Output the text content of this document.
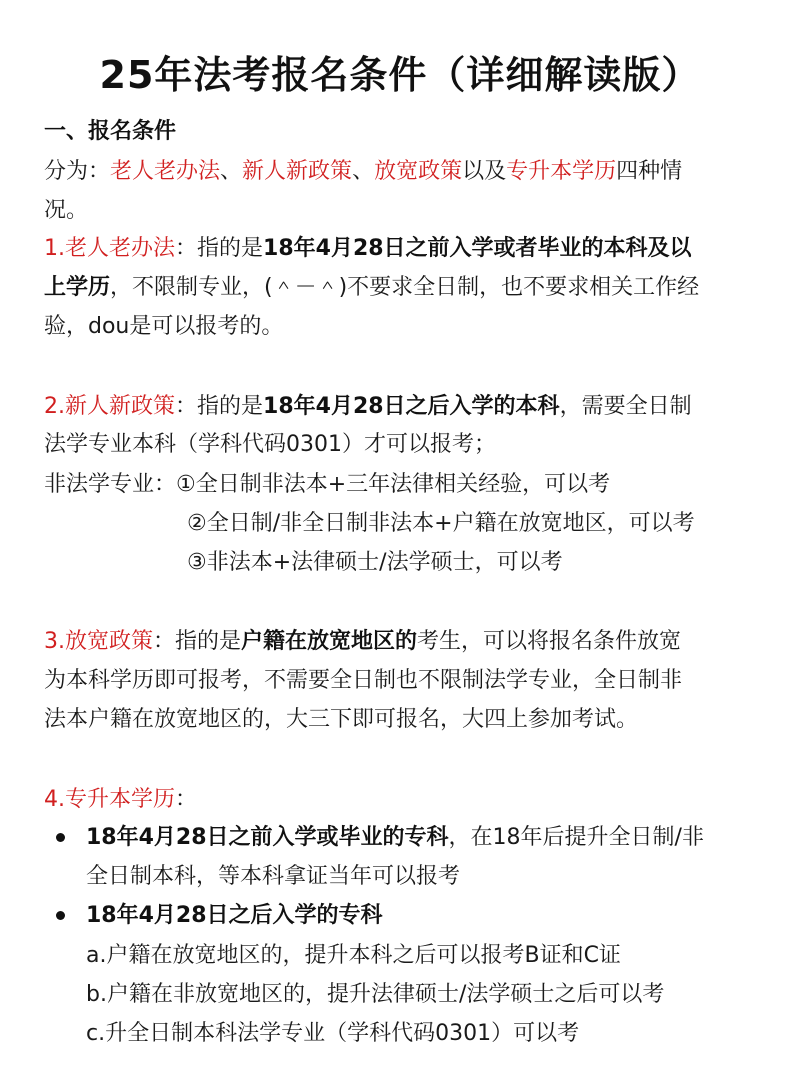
25年法考报名条件（详细解读版）
一、报名条件
分为：老人老办法、新人新政策、放宽政策以及专升本学历四种情
况。
1.老人老办法：指的是18年4月28日之前入学或者毕业的本科及以
上学历，不限制专业，(＾－＾)不要求全日制，也不要求相关工作经
验，dou是可以报考的。
2.新人新政策：指的是18年4月28日之后入学的本科，需要全日制
法学专业本科（学科代码0301）才可以报考；
非法学专业：①全日制非法本+三年法律相关经验，可以考
②全日制/非全日制非法本+户籍在放宽地区，可以考
③非法本+法律硕士/法学硕士，可以考
3.放宽政策：指的是户籍在放宽地区的考生，可以将报名条件放宽
为本科学历即可报考，不需要全日制也不限制法学专业，全日制非
法本户籍在放宽地区的，大三下即可报名，大四上参加考试。
4.专升本学历：
18年4月28日之前入学或毕业的专科，在18年后提升全日制/非
全日制本科，等本科拿证当年可以报考
18年4月28日之后入学的专科
a.户籍在放宽地区的，提升本科之后可以报考B证和C证
b.户籍在非放宽地区的，提升法律硕士/法学硕士之后可以考
c.升全日制本科法学专业（学科代码0301）可以考
